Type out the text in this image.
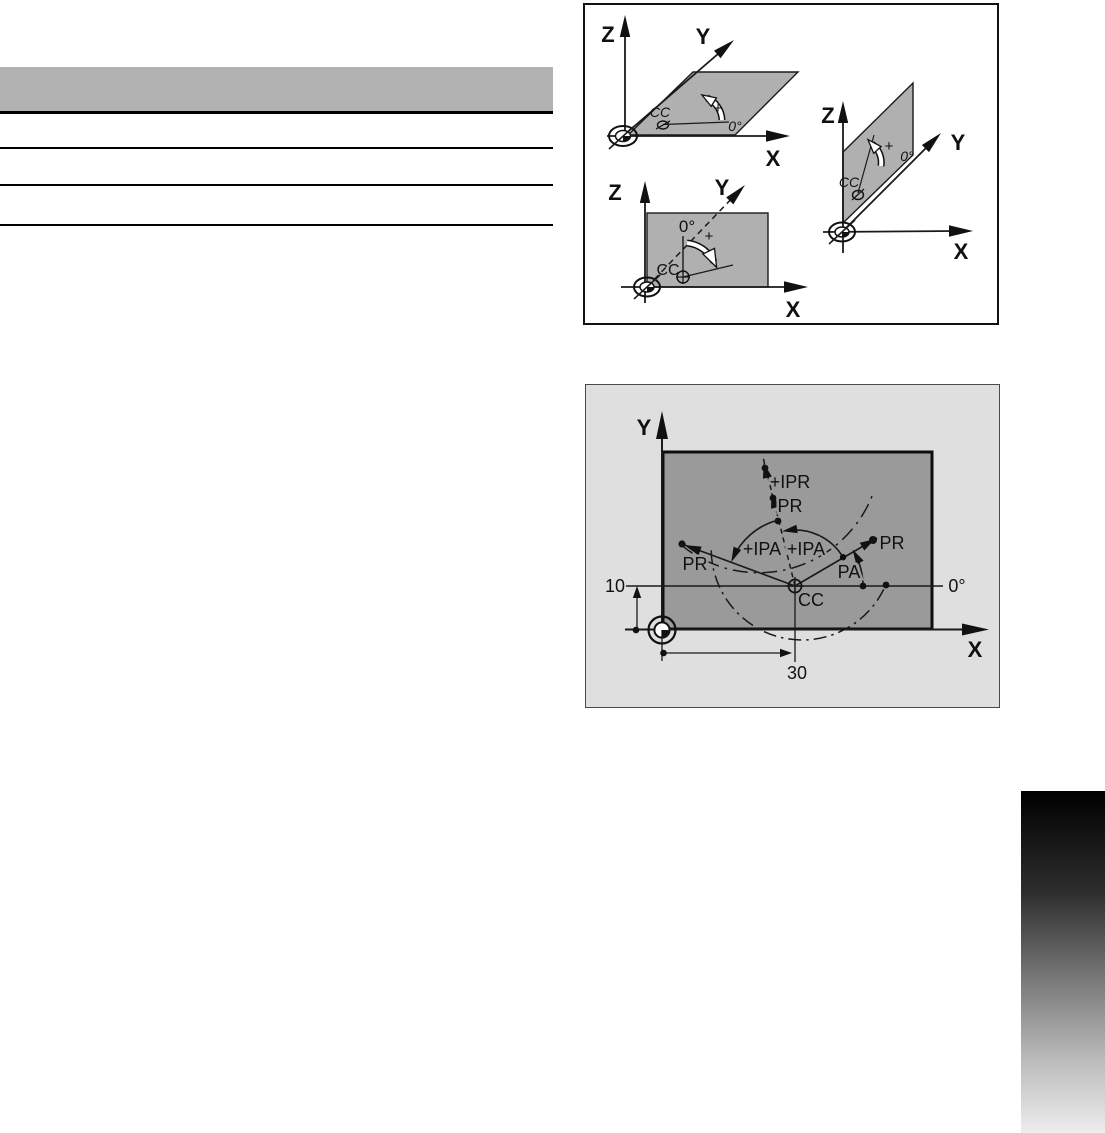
Z
X
Y
CC
0°
+
Z
X
Y
0°
+
CC
Z
X
Y
CC
+
0°
Y
X
0°
10
30
CC
PR
PR
PR
PA
+IPA +IPA
+IPR
